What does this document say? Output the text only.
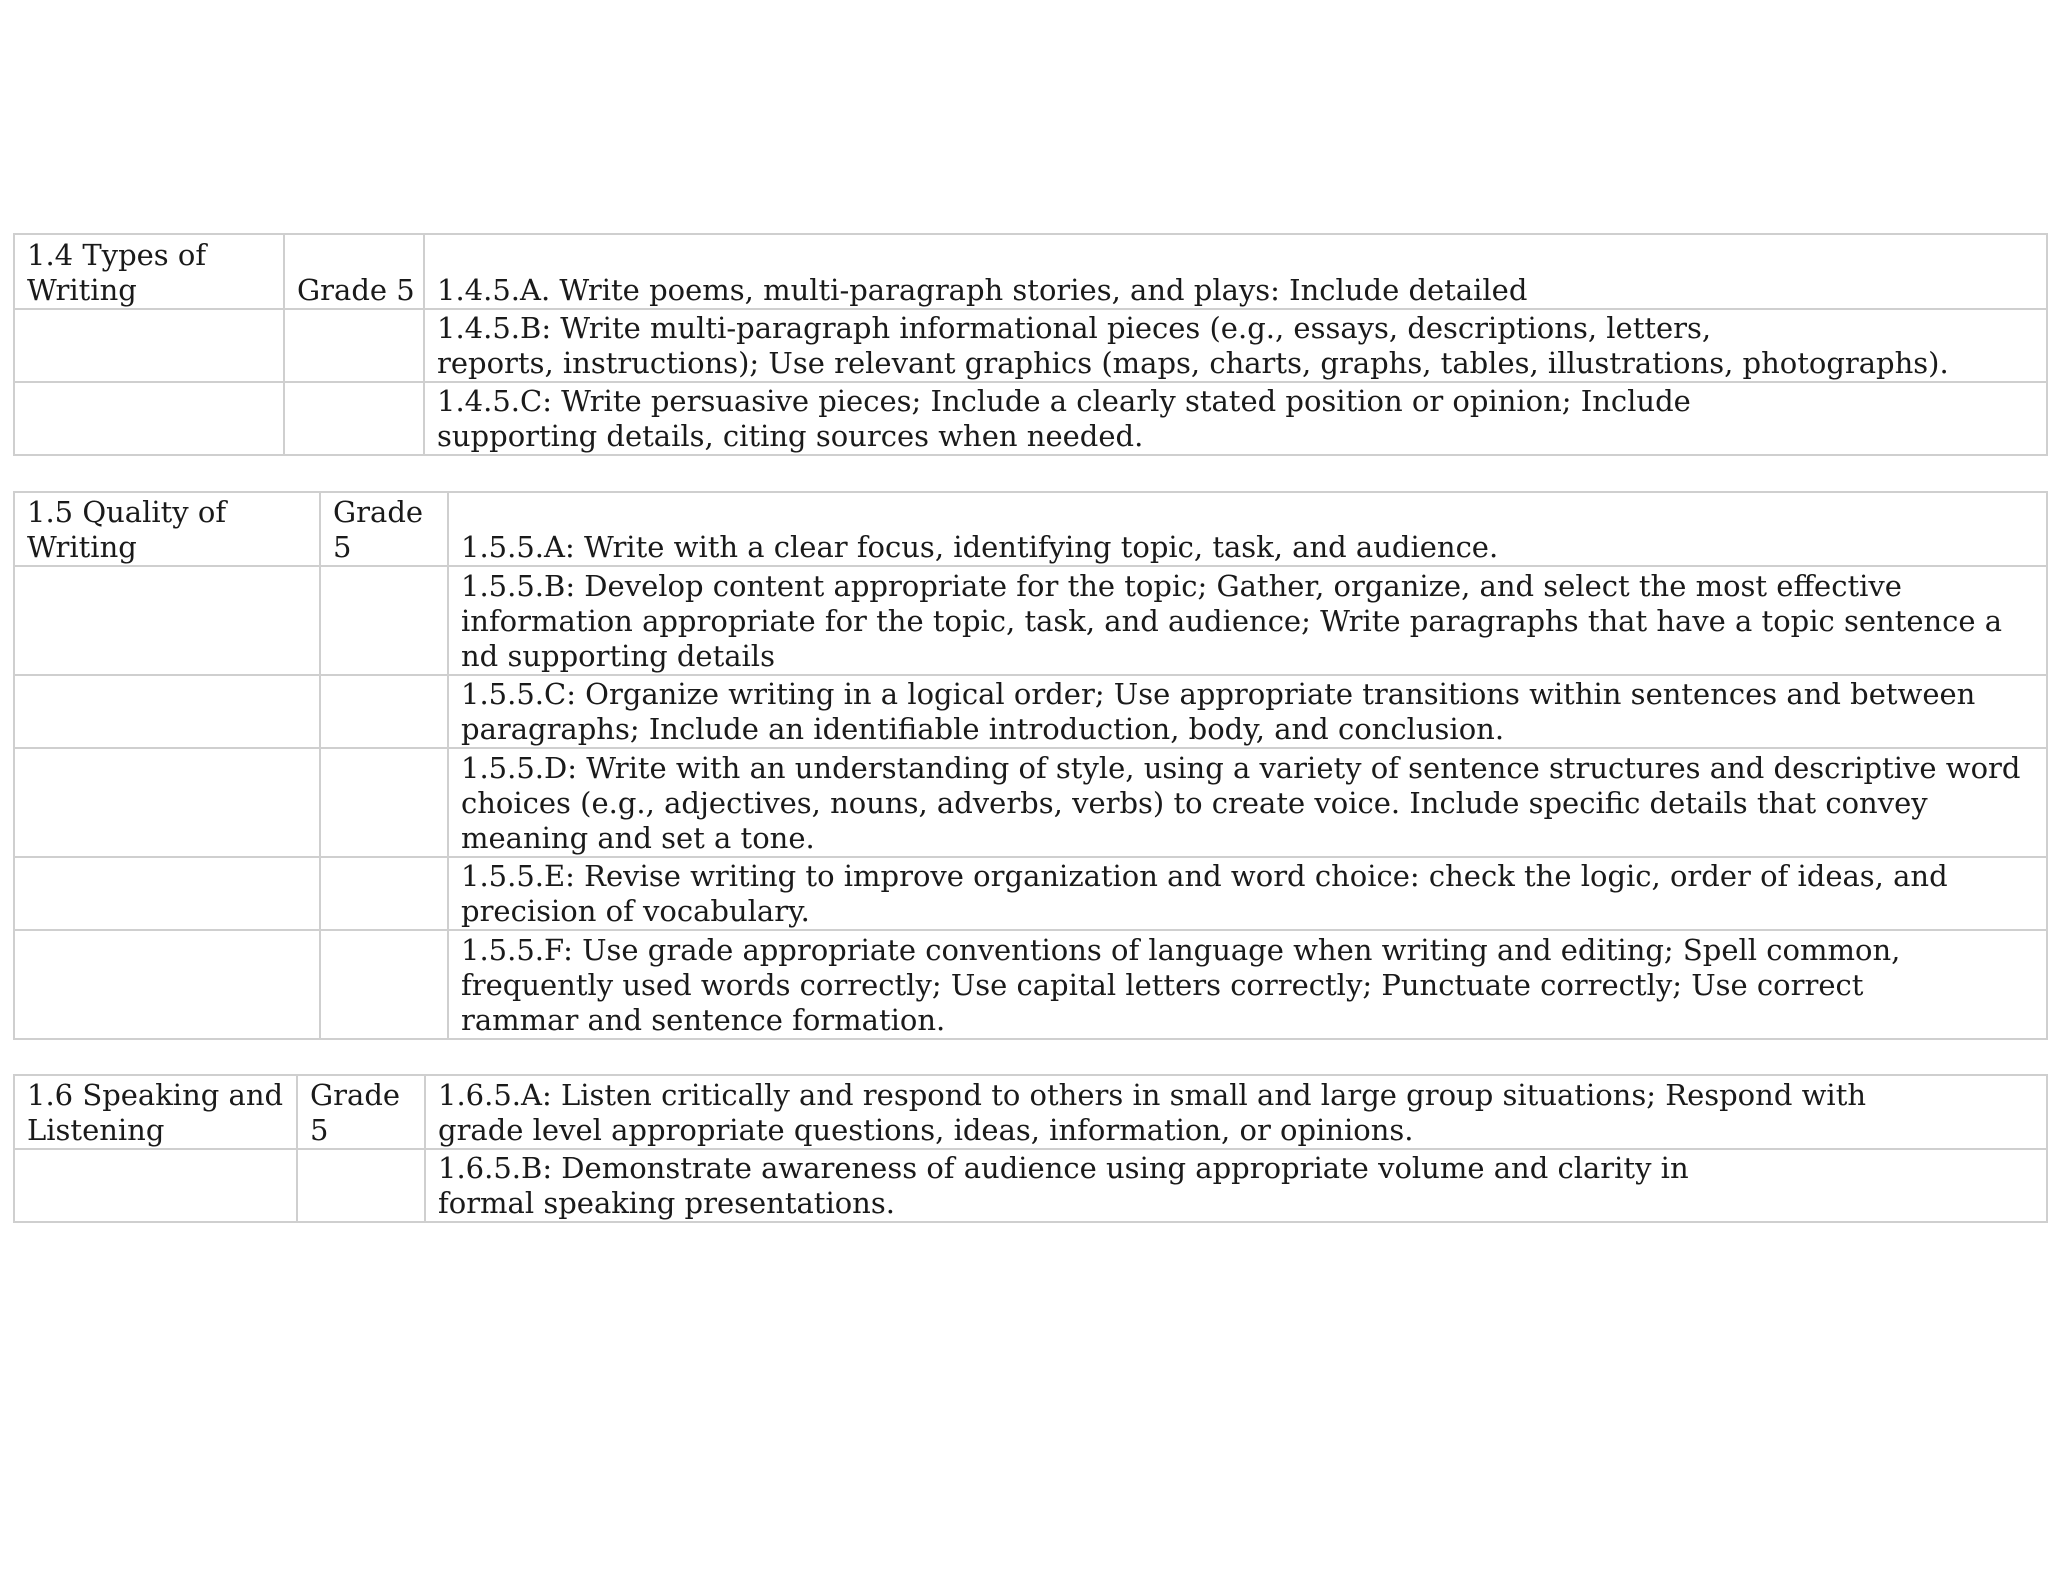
1.4 Types of
Writing	Grade 5	1.4.5.A. Write poems, multi-paragraph stories, and plays: Include detailed

		1.4.5.B: Write multi-paragraph informational pieces (e.g., essays, descriptions, letters,
reports, instructions); Use relevant graphics (maps, charts, graphs, tables, illustrations, photographs).

		1.4.5.C: Write persuasive pieces; Include a clearly stated position or opinion; Include
supporting details, citing sources when needed.
1.5 Quality of
Writing	Grade
5	1.5.5.A: Write with a clear focus, identifying topic, task, and audience.

		1.5.5.B: Develop content appropriate for the topic; Gather, organize, and select the most effective
information appropriate for the topic, task, and audience; Write paragraphs that have a topic sentence a
nd supporting details

		1.5.5.C: Organize writing in a logical order; Use appropriate transitions within sentences and between
paragraphs; Include an identifiable introduction, body, and conclusion.

		1.5.5.D: Write with an understanding of style, using a variety of sentence structures and descriptive word
choices (e.g., adjectives, nouns, adverbs, verbs) to create voice. Include specific details that convey
meaning and set a tone.

		1.5.5.E: Revise writing to improve organization and word choice: check the logic, order of ideas, and
precision of vocabulary.

		1.5.5.F: Use grade appropriate conventions of language when writing and editing; Spell common,
frequently used words correctly; Use capital letters correctly; Punctuate correctly; Use correct
rammar and sentence formation.
1.6 Speaking and
Listening	Grade
5	1.6.5.A: Listen critically and respond to others in small and large group situations; Respond with
grade level appropriate questions, ideas, information, or opinions.

		1.6.5.B: Demonstrate awareness of audience using appropriate volume and clarity in
formal speaking presentations.
